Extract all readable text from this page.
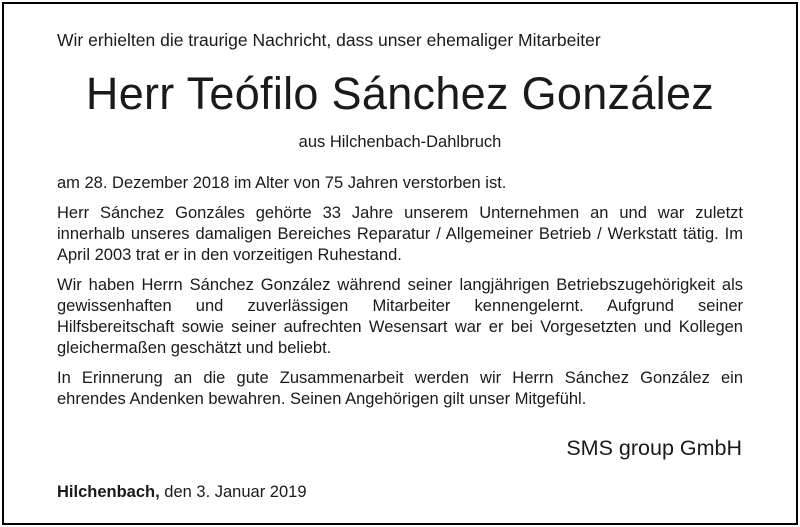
Wir erhielten die traurige Nachricht, dass unser ehemaliger Mitarbeiter
Herr Teófilo Sánchez González
aus Hilchenbach-Dahlbruch
am 28. Dezember 2018 im Alter von 75 Jahren verstorben ist.
Herr Sánchez Gonzáles gehörte 33 Jahre unserem Unternehmen an und war zuletzt innerhalb unseres damaligen Bereiches Reparatur / Allgemeiner Betrieb / Werkstatt tätig. Im April 2003 trat er in den vorzeitigen Ruhestand.
Wir haben Herrn Sánchez González während seiner langjährigen Betriebszugehörigkeit als gewissenhaften und zuverlässigen Mitarbeiter kennengelernt. Aufgrund seiner Hilfsbereitschaft sowie seiner aufrechten Wesensart war er bei Vorgesetzten und Kollegen gleichermaßen geschätzt und beliebt.
In Erinnerung an die gute Zusammenarbeit werden wir Herrn Sánchez González ein ehrendes Andenken bewahren. Seinen Angehörigen gilt unser Mitgefühl.
SMS group GmbH
Hilchenbach, den 3. Januar 2019
